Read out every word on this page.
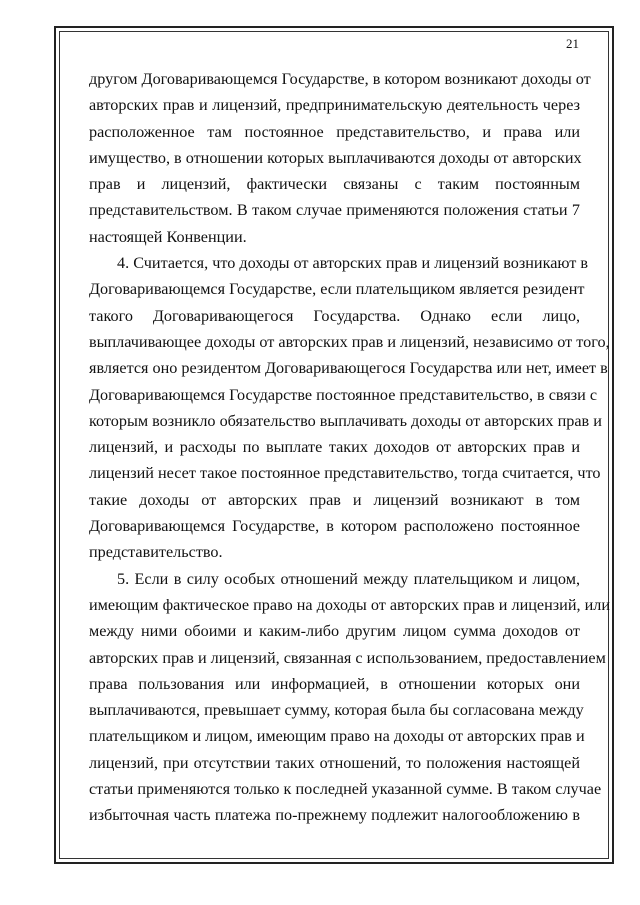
21
другом Договаривающемся Государстве, в котором возникают доходы от
авторских прав и лицензий, предпринимательскую деятельность через
расположенное там постоянное представительство, и права или
имущество, в отношении которых выплачиваются доходы от авторских
прав и лицензий, фактически связаны с таким постоянным
представительством. В таком случае применяются положения статьи 7
настоящей Конвенции.
4. Считается, что доходы от авторских прав и лицензий возникают в
Договаривающемся Государстве, если плательщиком является резидент
такого Договаривающегося Государства. Однако если лицо,
выплачивающее доходы от авторских прав и лицензий, независимо от того,
является оно резидентом Договаривающегося Государства или нет, имеет в
Договаривающемся Государстве постоянное представительство, в связи с
которым возникло обязательство выплачивать доходы от авторских прав и
лицензий, и расходы по выплате таких доходов от авторских прав и
лицензий несет такое постоянное представительство, тогда считается, что
такие доходы от авторских прав и лицензий возникают в том
Договаривающемся Государстве, в котором расположено постоянное
представительство.
5. Если в силу особых отношений между плательщиком и лицом,
имеющим фактическое право на доходы от авторских прав и лицензий, или
между ними обоими и каким-либо другим лицом сумма доходов от
авторских прав и лицензий, связанная с использованием, предоставлением
права пользования или информацией, в отношении которых они
выплачиваются, превышает сумму, которая была бы согласована между
плательщиком и лицом, имеющим право на доходы от авторских прав и
лицензий, при отсутствии таких отношений, то положения настоящей
статьи применяются только к последней указанной сумме. В таком случае
избыточная часть платежа по-прежнему подлежит налогообложению в
